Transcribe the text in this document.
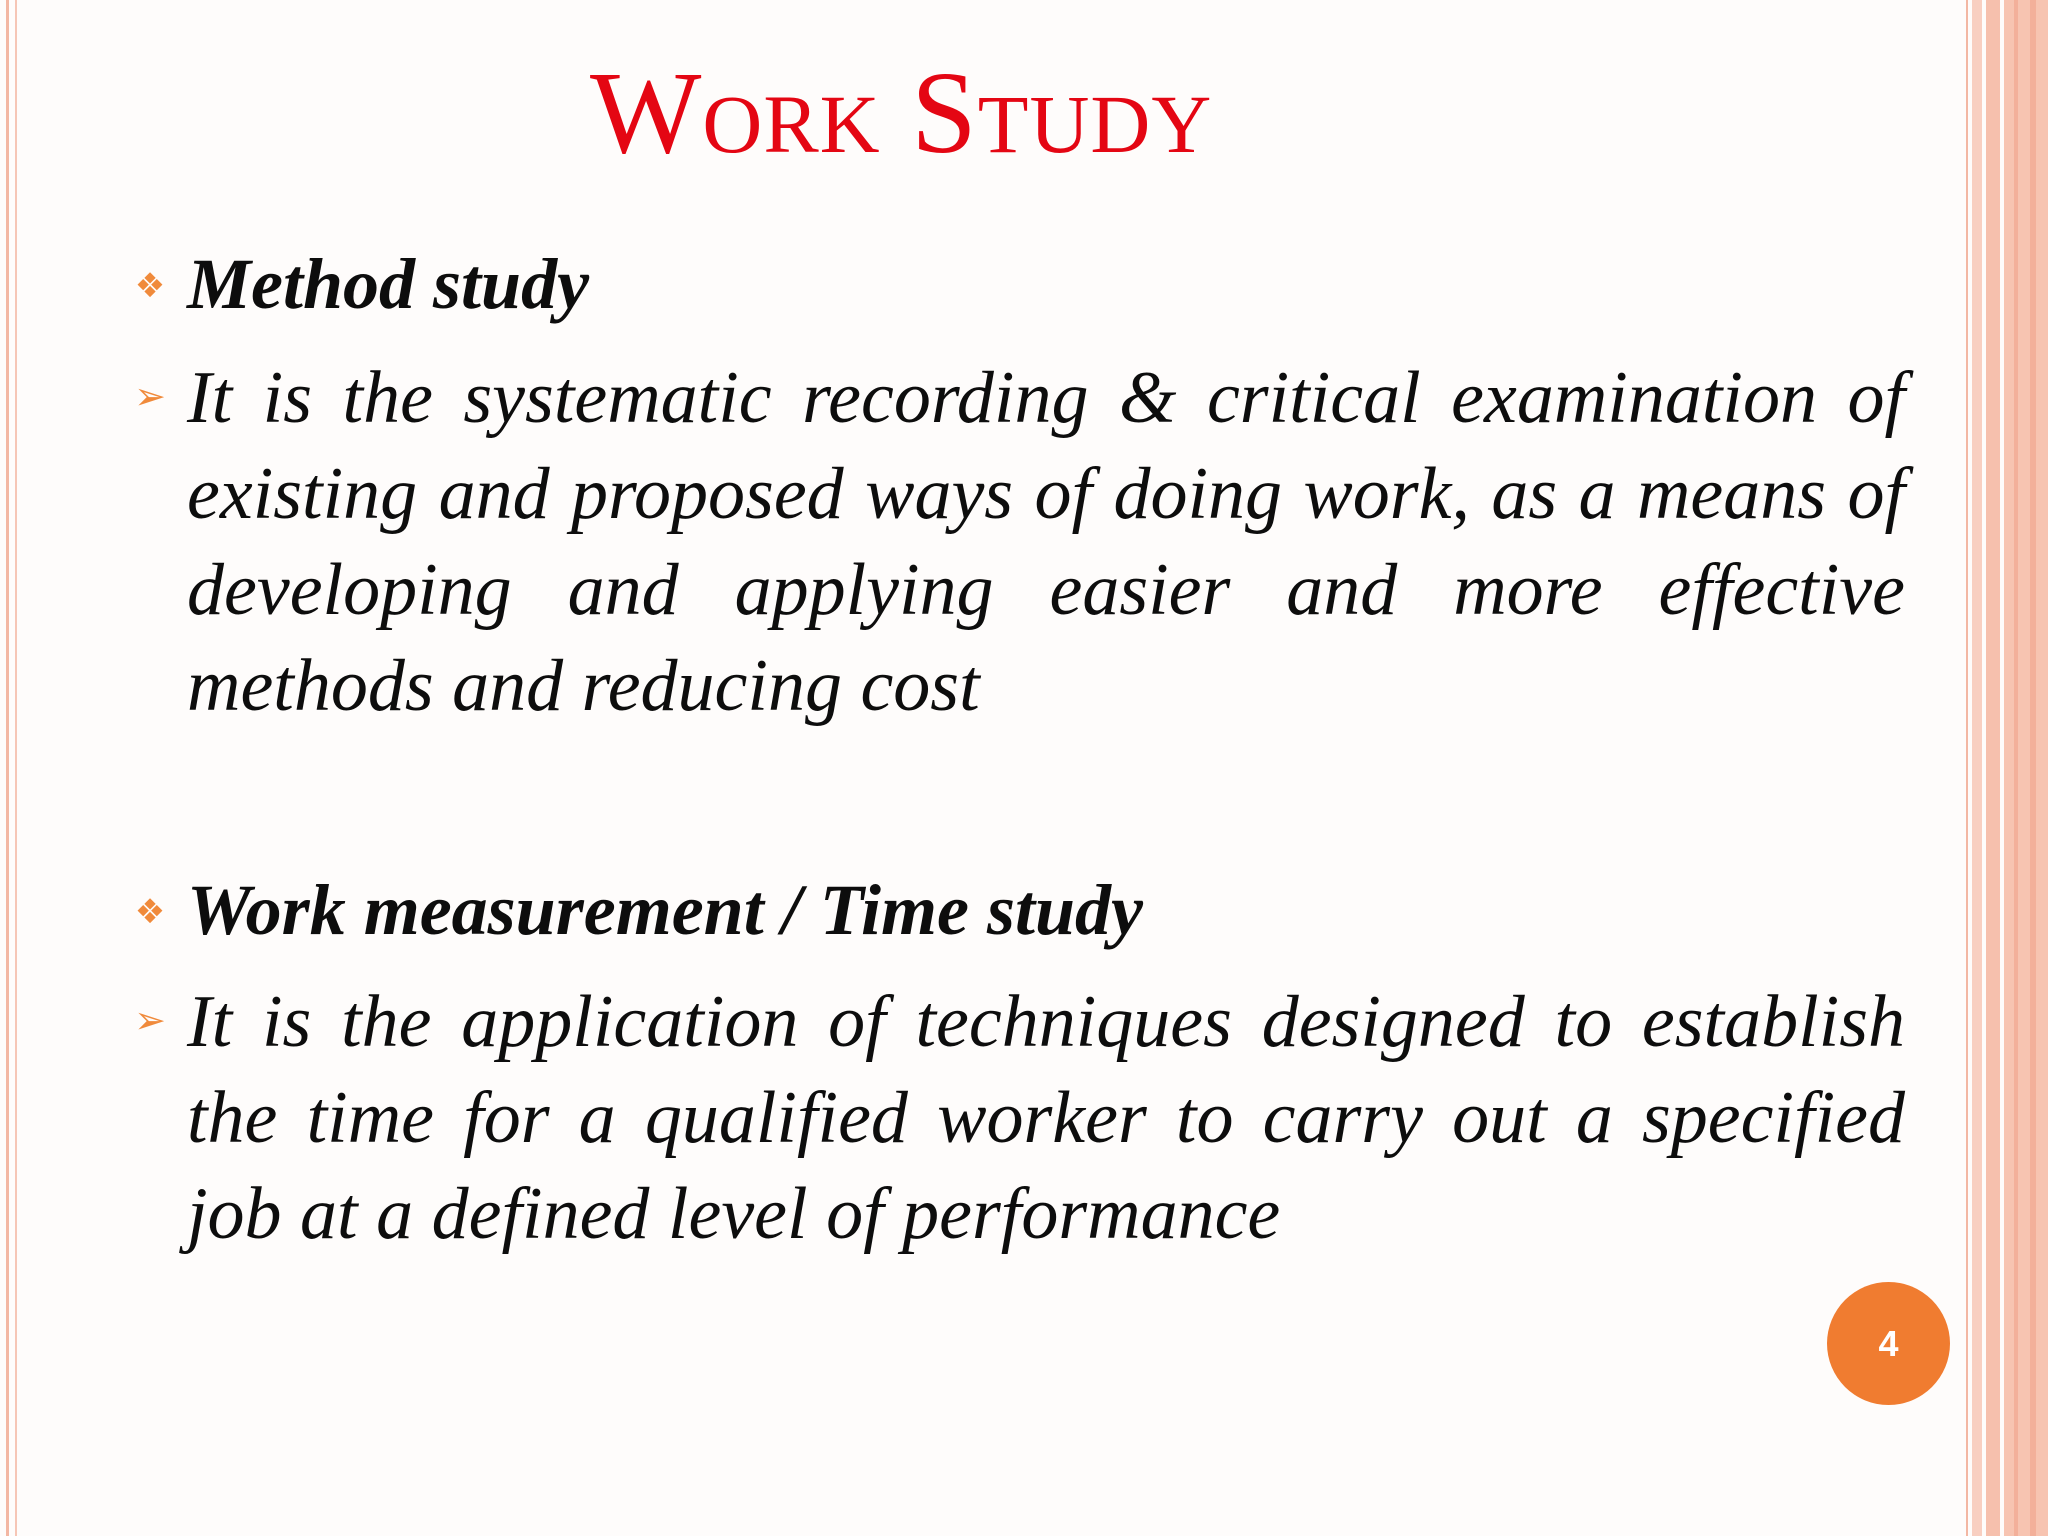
Work Study
❖ Method study
➢ It is the systematic recording & critical examination of existing and proposed ways of doing work, as a means of developing and applying easier and more effective methods and reducing cost
❖ Work measurement / Time study
➢ It is the application of techniques designed to establish the time for a qualified worker to carry out a specified job at a defined level of performance
4
